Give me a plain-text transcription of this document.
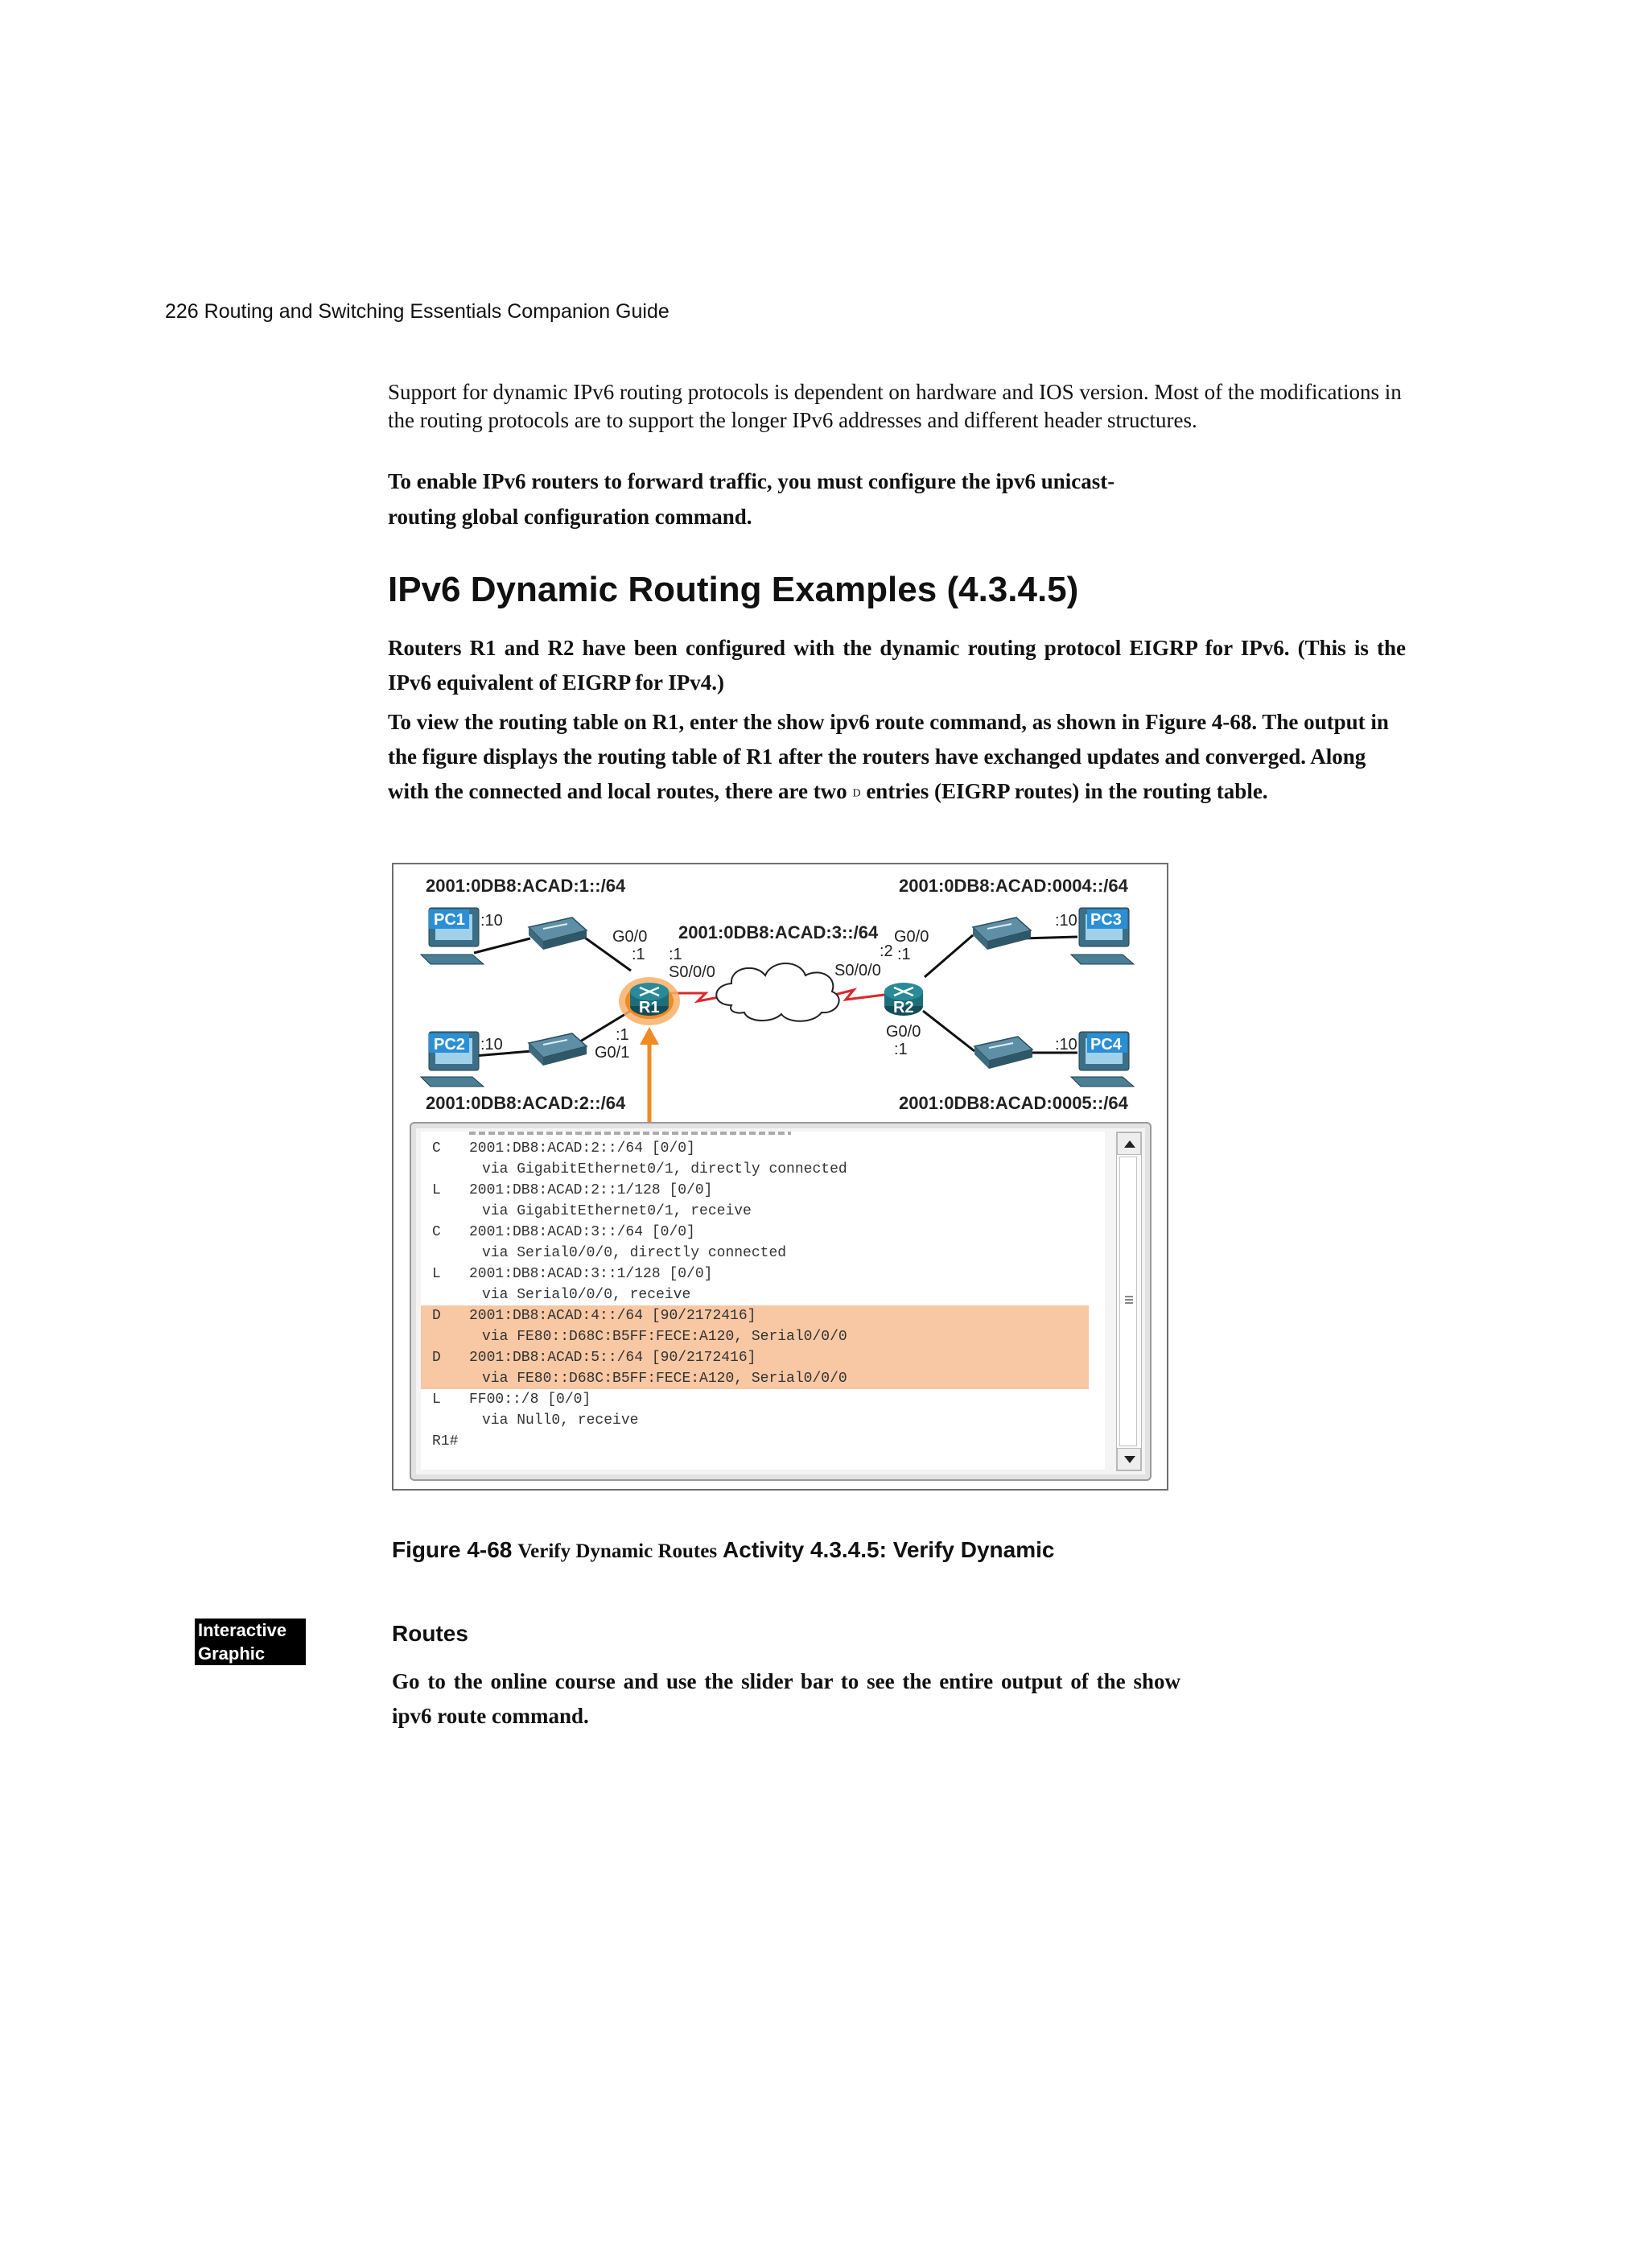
226 Routing and Switching Essentials Companion Guide
Support for dynamic IPv6 routing protocols is dependent on hardware and IOS version. Most of the modifications in the routing protocols are to support the longer IPv6 addresses and different header structures.
To enable IPv6 routers to forward traffic, you must configure the ipv6 unicast-
routing global configuration command.
IPv6 Dynamic Routing Examples (4.3.4.5)
Routers R1 and R2 have been configured with the dynamic routing protocol EIGRP for IPv6. (This is the IPv6 equivalent of EIGRP for IPv4.)
To view the routing table on R1, enter the show ipv6 route command, as shown in Figure 4-68. The output in the figure displays the routing table of R1 after the routers have exchanged updates and converged. Along with the connected and local routes, there are two D entries (EIGRP routes) in the routing table.
PC1 :10
PC2 :10
PC3
:10
PC4
:10
R1	R2
2001:0DB8:ACAD:1::/64	2001:0DB8:ACAD:0004::/64
2001:0DB8:ACAD:2::/64	2001:0DB8:ACAD:0005::/64
2001:0DB8:ACAD:3::/64
G0/0
:1 :1
S0/0/0
:1
G0/1
G0/0
:2 :1
S0/0/0
G0/0
:1
C 2001:DB8:ACAD:2::/64 [0/0]
via GigabitEthernet0/1, directly connected
L 2001:DB8:ACAD:2::1/128 [0/0]
via GigabitEthernet0/1, receive
C 2001:DB8:ACAD:3::/64 [0/0]
via Serial0/0/0, directly connected
L 2001:DB8:ACAD:3::1/128 [0/0]
via Serial0/0/0, receive
D 2001:DB8:ACAD:4::/64 [90/2172416]
via FE80::D68C:B5FF:FECE:A120, Serial0/0/0
D 2001:DB8:ACAD:5::/64 [90/2172416]
via FE80::D68C:B5FF:FECE:A120, Serial0/0/0
L FF00::/8 [0/0]
via Null0, receive
R1#
Figure 4-68 Verify Dynamic Routes Activity 4.3.4.5: Verify Dynamic
Interactive
Graphic
Routes
Go to the online course and use the slider bar to see the entire output of the show ipv6 route command.
